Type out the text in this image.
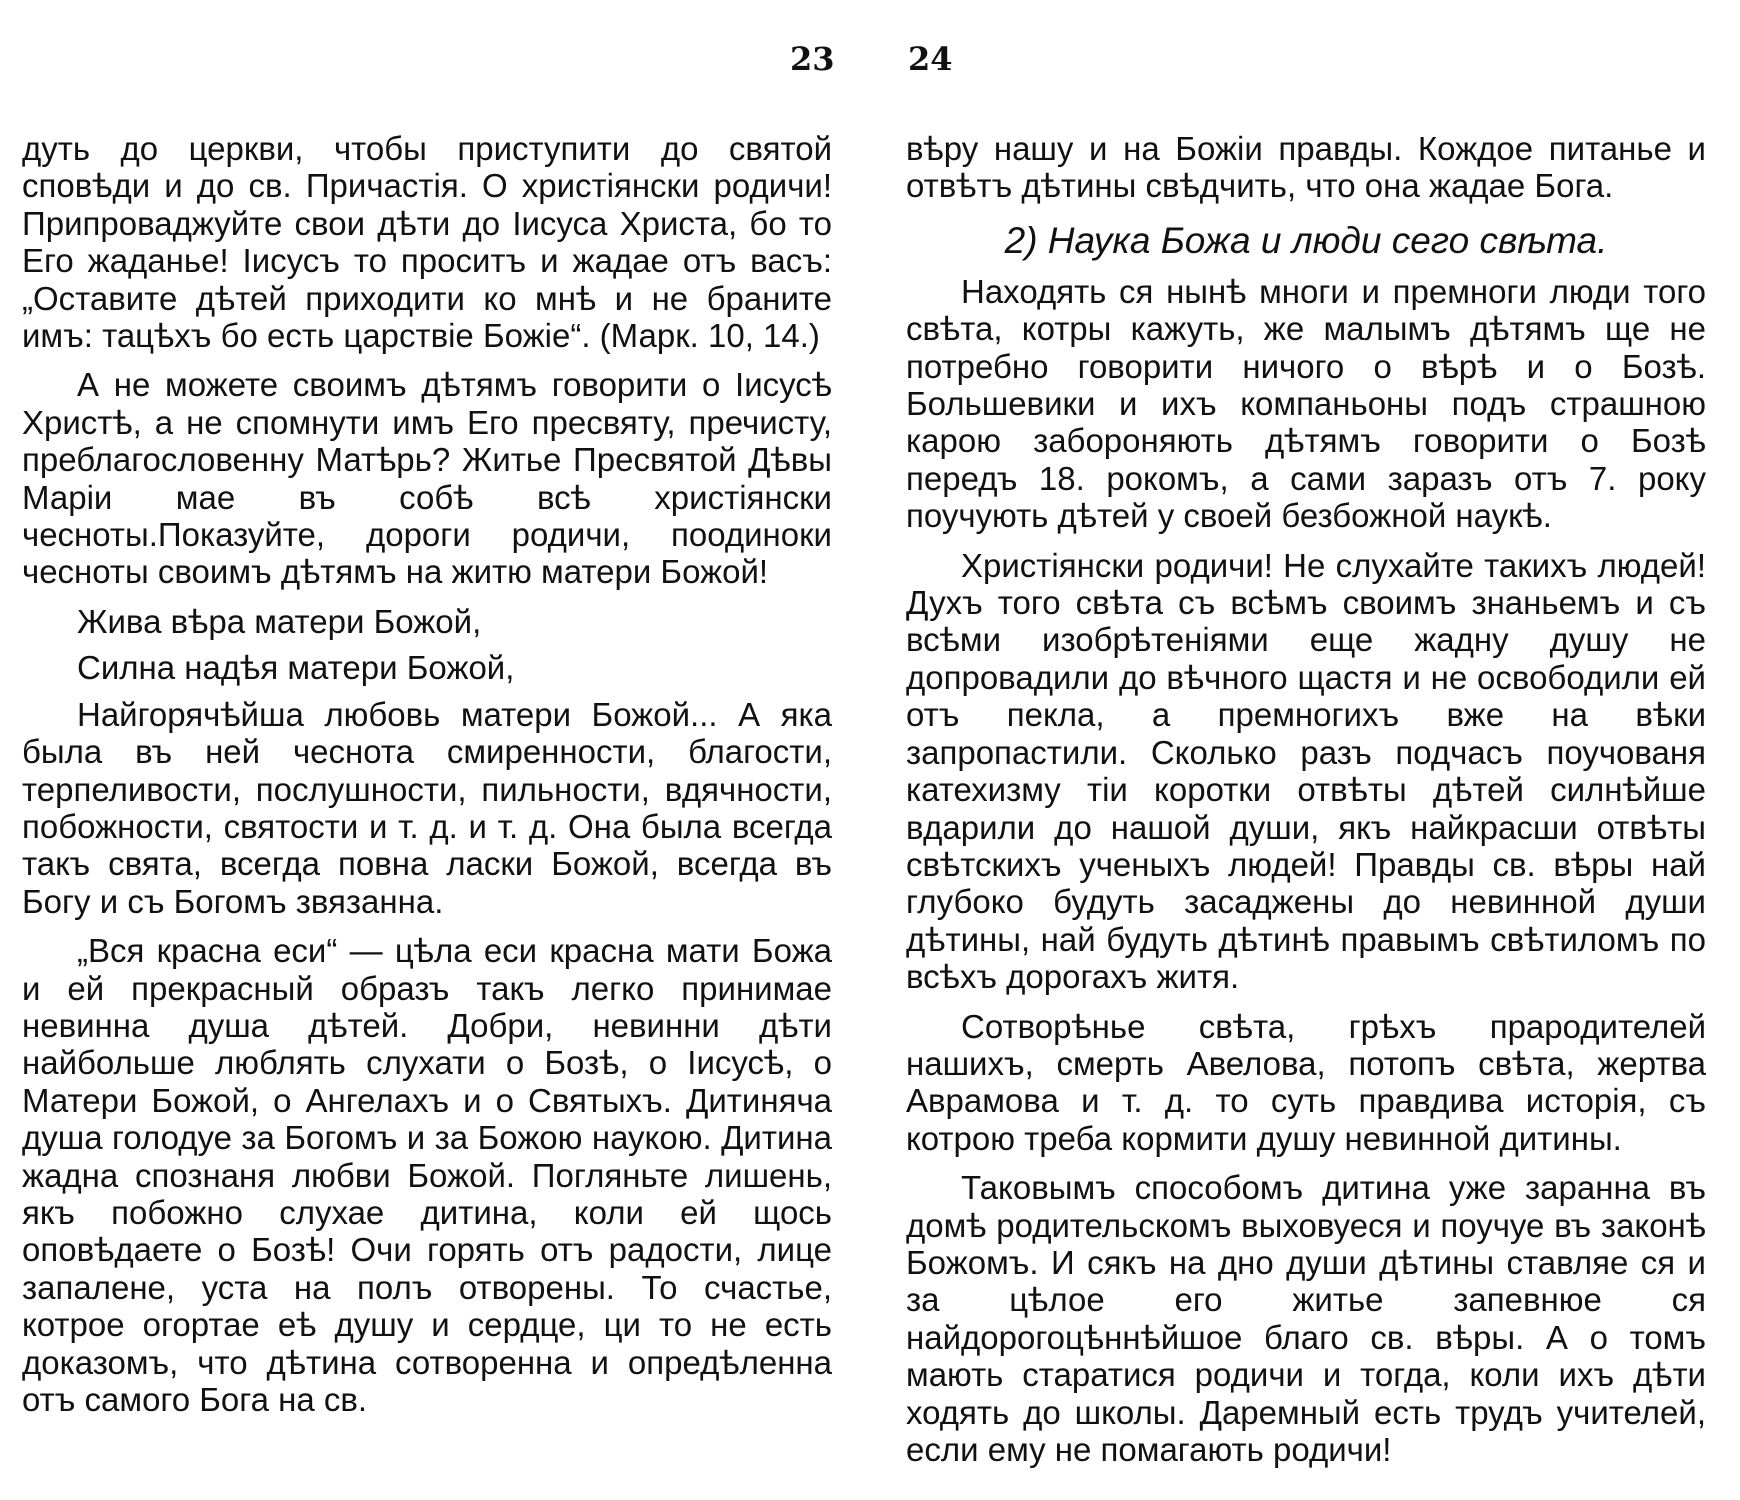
23 24

дуть до церкви, чтобы приступити до святой сповѣди и до св. Причастія. О христіянски родичи! Припроваджуйте свои дѣти до Іисуса Христа, бо то Его жаданье! Іисусъ то проситъ и жадае отъ васъ: „Оставите дѣтей приходити ко мнѣ и не браните имъ: тацѣхъ бо есть царствіе Божіе“. (Марк. 10, 14.)

А не можете своимъ дѣтямъ говорити о Іисусѣ Христѣ, а не спомнути имъ Его пресвяту, пречисту, преблагословенну Матѣрь? Житье Пресвятой Дѣвы Маріи мае въ собѣ всѣ христіянски чесноты.Показуйте, дороги родичи, поодиноки чесноты своимъ дѣтямъ на житю матери Божой!

Жива вѣра матери Божой,

Силна надѣя матери Божой,

Найгорячѣйша любовь матери Божой... А яка была въ ней чеснота смиренности, благости, терпеливости, послушности, пильности, вдячности, побожности, святости и т. д. и т. д. Она была всегда такъ свята, всегда повна ласки Божой, всегда въ Богу и съ Богомъ звязанна.

„Вся красна еси“ — цѣла еси красна мати Божа и ей прекрасный образъ такъ легко принимае невинна душа дѣтей. Добри, невинни дѣти найбольше люблять слухати о Бозѣ, о Іисусѣ, о Матери Божой, о Ангелахъ и о Святыхъ. Дитиняча душа голодуе за Богомъ и за Божою наукою. Дитина жадна спознаня любви Божой. Погляньте лишень, якъ побожно слухае дитина, коли ей щось оповѣдаете о Бозѣ! Очи горять отъ радости, лице запалене, уста на полъ отворены. То счастье, котрое огортае еѣ душу и сердце, ци то не есть доказомъ, что дѣтина сотворенна и опредѣленна отъ самого Бога на св.

вѣру нашу и на Божіи правды. Кождое питанье и отвѣтъ дѣтины свѣдчить, что она жадае Бога.

2) Наука Божа и люди сего свѣта.

Находять ся нынѣ многи и премноги люди того свѣта, котры кажуть, же малымъ дѣтямъ ще не потребно говорити ничого о вѣрѣ и о Бозѣ. Большевики и ихъ компаньоны подъ страшною карою забороняють дѣтямъ говорити о Бозѣ передъ 18. рокомъ, а сами заразъ отъ 7. року поучують дѣтей у своей безбожной наукѣ.

Христіянски родичи! Не слухайте такихъ людей! Духъ того свѣта съ всѣмъ своимъ знаньемъ и съ всѣми изобрѣтеніями еще жадну душу не допровадили до вѣчного щастя и не освободили ей отъ пекла, а премногихъ вже на вѣки запропастили. Сколько разъ подчасъ поучованя катехизму тіи коротки отвѣты дѣтей силнѣйше вдарили до нашой души, якъ найкрасши отвѣты свѣтскихъ ученыхъ людей! Правды св. вѣры най глубоко будуть засаджены до невинной души дѣтины, най будуть дѣтинѣ правымъ свѣтиломъ по всѣхъ дорогахъ житя.

Сотворѣнье свѣта, грѣхъ прародителей нашихъ, смерть Авелова, потопъ свѣта, жертва Аврамова и т. д. то суть правдива исторія, съ котрою треба кормити душу невинной дитины.

Таковымъ способомъ дитина уже заранна въ домѣ родительскомъ выховуеся и поучуе въ законѣ Божомъ. И сякъ на дно души дѣтины ставляе ся и за цѣлое его житье запевнюе ся найдорогоцѣннѣйшое благо св. вѣры. А о томъ мають старатися родичи и тогда, коли ихъ дѣти ходять до школы. Даремный есть трудъ учителей, если ему не помагають родичи!
